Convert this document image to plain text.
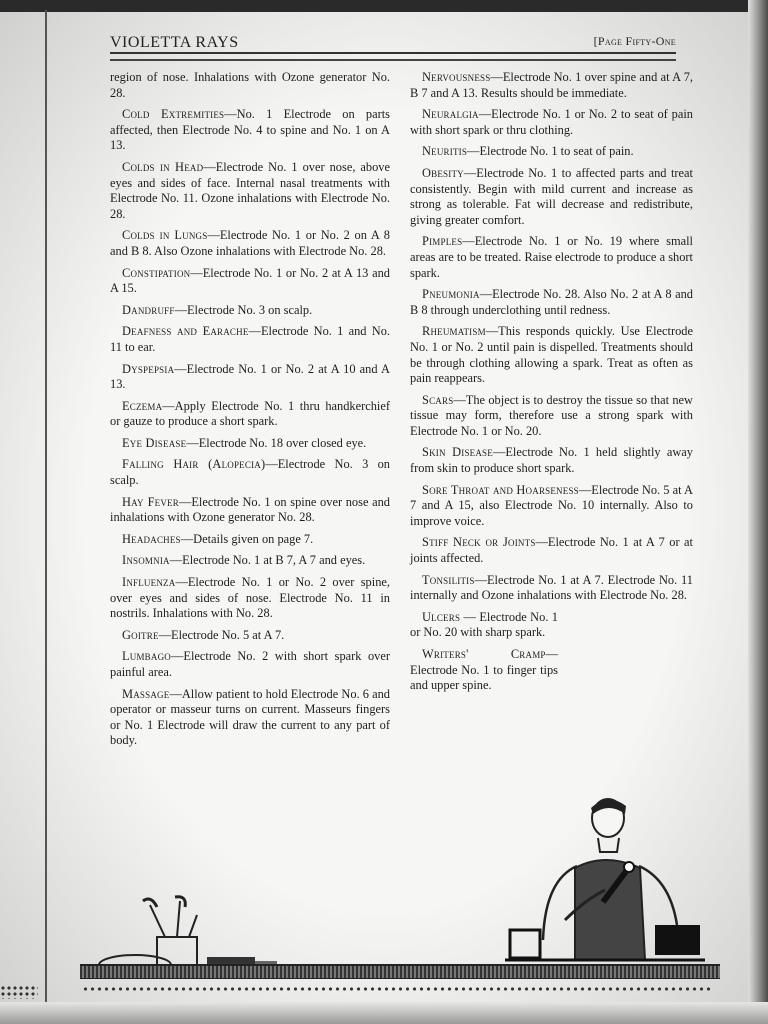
VIOLETTA RAYS	[Page Fifty-One

region of nose. Inhalations with Ozone generator No. 28.

Cold Extremities—No. 1 Electrode on parts affected, then Electrode No. 4 to spine and No. 1 on A 13.

Colds in Head—Electrode No. 1 over nose, above eyes and sides of face. Internal nasal treatments with Electrode No. 11. Ozone inhalations with Electrode No. 28.

Colds in Lungs—Electrode No. 1 or No. 2 on A 8 and B 8. Also Ozone inhalations with Electrode No. 28.

Constipation—Electrode No. 1 or No. 2 at A 13 and A 15.

Dandruff—Electrode No. 3 on scalp.

Deafness and Earache—Electrode No. 1 and No. 11 to ear.

Dyspepsia—Electrode No. 1 or No. 2 at A 10 and A 13.

Eczema—Apply Electrode No. 1 thru handkerchief or gauze to produce a short spark.

Eye Disease—Electrode No. 18 over closed eye.

Falling Hair (Alopecia)—Electrode No. 3 on scalp.

Hay Fever—Electrode No. 1 on spine over nose and inhalations with Ozone generator No. 28.

Headaches—Details given on page 7.

Insomnia—Electrode No. 1 at B 7, A 7 and eyes.

Influenza—Electrode No. 1 or No. 2 over spine, over eyes and sides of nose. Electrode No. 11 in nostrils. Inhalations with No. 28.

Goitre—Electrode No. 5 at A 7.

Lumbago—Electrode No. 2 with short spark over painful area.

Massage—Allow patient to hold Electrode No. 6 and operator or masseur turns on current. Masseurs fingers or No. 1 Electrode will draw the current to any part of body.

Nervousness—Electrode No. 1 over spine and at A 7, B 7 and A 13. Results should be immediate.

Neuralgia—Electrode No. 1 or No. 2 to seat of pain with short spark or thru clothing.

Neuritis—Electrode No. 1 to seat of pain.

Obesity—Electrode No. 1 to affected parts and treat consistently. Begin with mild current and increase as strong as tolerable. Fat will decrease and redistribute, giving greater comfort.

Pimples—Electrode No. 1 or No. 19 where small areas are to be treated. Raise electrode to produce a short spark.

Pneumonia—Electrode No. 28. Also No. 2 at A 8 and B 8 through underclothing until redness.

Rheumatism—This responds quickly. Use Electrode No. 1 or No. 2 until pain is dispelled. Treatments should be through clothing allowing a spark. Treat as often as pain reappears.

Scars—The object is to destroy the tissue so that new tissue may form, therefore use a strong spark with Electrode No. 1 or No. 20.

Skin Disease—Electrode No. 1 held slightly away from skin to produce short spark.

Sore Throat and Hoarseness—Electrode No. 5 at A 7 and A 15, also Electrode No. 10 internally. Also to improve voice.

Stiff Neck or Joints—Electrode No. 1 at A 7 or at joints affected.

Tonsilitis—Electrode No. 1 at A 7. Electrode No. 11 internally and Ozone inhalations with Electrode No. 28.

Ulcers — Electrode No. 1 or No. 20 with sharp spark.

Writers' Cramp—Electrode No. 1 to finger tips and upper spine.
